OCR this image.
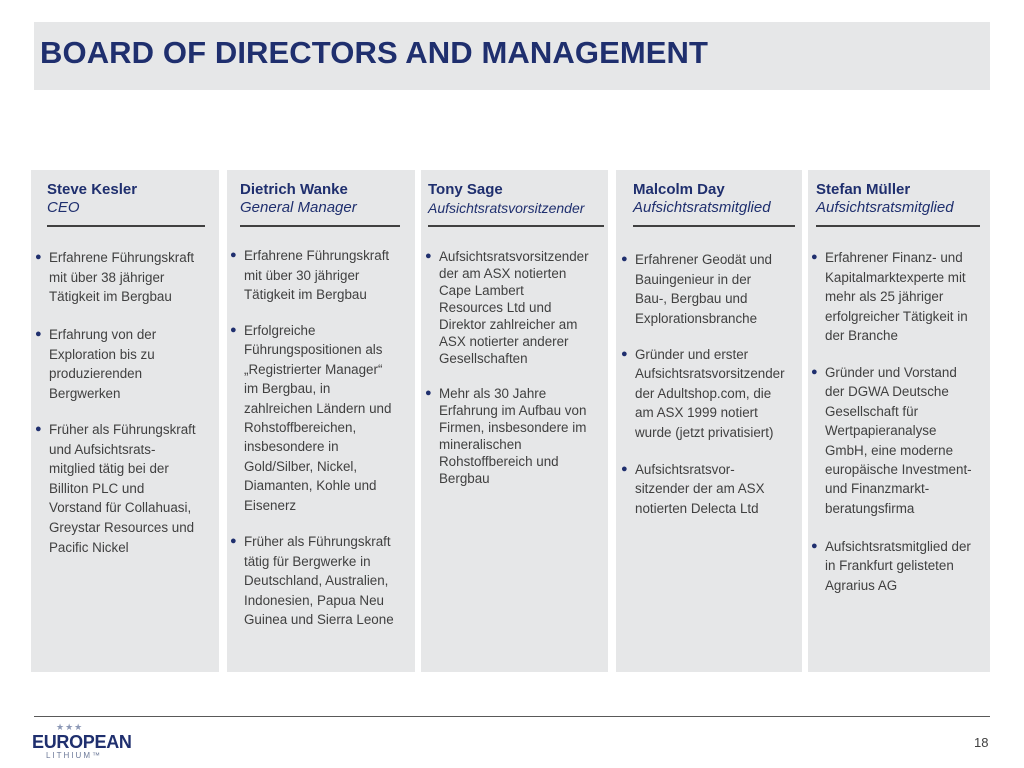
BOARD OF DIRECTORS AND MANAGEMENT
Steve Kesler
CEO
● Erfahrene Führungskraft
mit über 38 jähriger
Tätigkeit im Bergbau
● Erfahrung von der
Exploration bis zu
produzierenden
Bergwerken
● Früher als Führungskraft
und Aufsichtsrats-
mitglied tätig bei der
Billiton PLC und
Vorstand für Collahuasi,
Greystar Resources und
Pacific Nickel
Dietrich Wanke
General Manager
● Erfahrene Führungskraft
mit über 30 jähriger
Tätigkeit im Bergbau
● Erfolgreiche
Führungspositionen als
„Registrierter Manager“
im Bergbau, in
zahlreichen Ländern und
Rohstoffbereichen,
insbesondere in
Gold/Silber, Nickel,
Diamanten, Kohle und
Eisenerz
● Früher als Führungskraft
tätig für Bergwerke in
Deutschland, Australien,
Indonesien, Papua Neu
Guinea und Sierra Leone
Tony Sage
Aufsichtsratsvorsitzender
● Aufsichtsratsvorsitzender
der am ASX notierten
Cape Lambert
Resources Ltd und
Direktor zahlreicher am
ASX notierter anderer
Gesellschaften
● Mehr als 30 Jahre
Erfahrung im Aufbau von
Firmen, insbesondere im
mineralischen
Rohstoffbereich und
Bergbau
Malcolm Day
Aufsichtsratsmitglied
● Erfahrener Geodät und
Bauingenieur in der
Bau-, Bergbau und
Explorationsbranche
● Gründer und erster
Aufsichtsratsvorsitzender
der Adultshop.com, die
am ASX 1999 notiert
wurde (jetzt privatisiert)
● Aufsichtsratsvor-
sitzender der am ASX
notierten Delecta Ltd
Stefan Müller
Aufsichtsratsmitglied
● Erfahrener Finanz- und
Kapitalmarktexperte mit
mehr als 25 jähriger
erfolgreicher Tätigkeit in
der Branche
● Gründer und Vorstand
der DGWA Deutsche
Gesellschaft für
Wertpapieranalyse
GmbH, eine moderne
europäische Investment-
und Finanzmarkt-
beratungsfirma
● Aufsichtsratsmitglied der
in Frankfurt gelisteten
Agrarius AG
★★★
EUROPEAN
LITHIUM™
18
